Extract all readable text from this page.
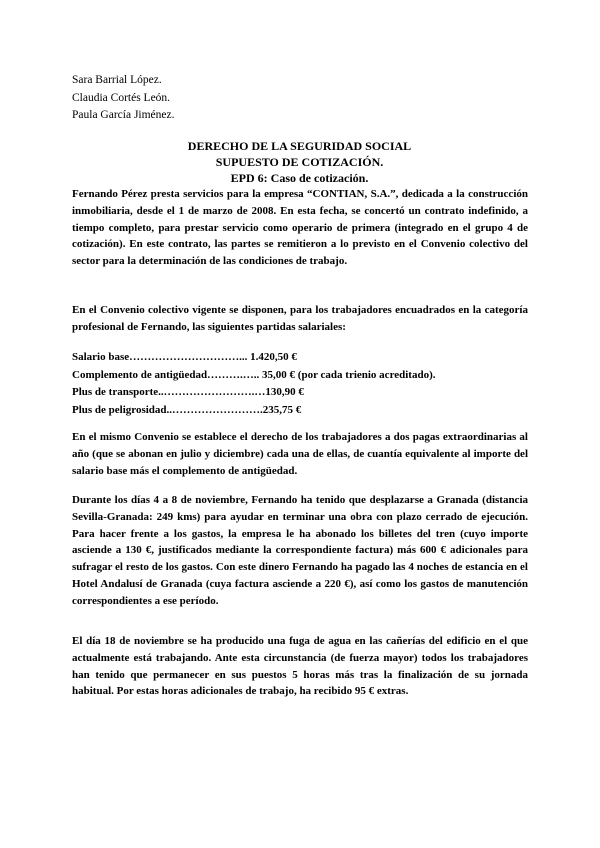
Sara Barrial López.
Claudia Cortés León.
Paula García Jiménez.
DERECHO DE LA SEGURIDAD SOCIAL
SUPUESTO DE COTIZACIÓN.
EPD 6: Caso de cotización.

Fernando Pérez presta servicios para la empresa “CONTIAN, S.A.”, dedicada a la construcción inmobiliaria, desde el 1 de marzo de 2008. En esta fecha, se concertó un contrato indefinido, a tiempo completo, para prestar servicio como operario de primera (integrado en el grupo 4 de cotización). En este contrato, las partes se remitieron a lo previsto en el Convenio colectivo del sector para la determinación de las condiciones de trabajo.

En el Convenio colectivo vigente se disponen, para los trabajadores encuadrados en la categoría profesional de Fernando, las siguientes partidas salariales:

Salario base…………………………... 1.420,50 €
Complemento de antigüedad……….….. 35,00 € (por cada trienio acreditado).
Plus de transporte..…………………….…130,90 €
Plus de peligrosidad..…………………….235,75 €

En el mismo Convenio se establece el derecho de los trabajadores a dos pagas extraordinarias al año (que se abonan en julio y diciembre) cada una de ellas, de cuantía equivalente al importe del salario base más el complemento de antigüedad.

Durante los días 4 a 8 de noviembre, Fernando ha tenido que desplazarse a Granada (distancia Sevilla-Granada: 249 kms) para ayudar en terminar una obra con plazo cerrado de ejecución. Para hacer frente a los gastos, la empresa le ha abonado los billetes del tren (cuyo importe asciende a 130 €, justificados mediante la correspondiente factura) más 600 € adicionales para sufragar el resto de los gastos. Con este dinero Fernando ha pagado las 4 noches de estancia en el Hotel Andalusí de Granada (cuya factura asciende a 220 €), así como los gastos de manutención correspondientes a ese período.

El día 18 de noviembre se ha producido una fuga de agua en las cañerías del edificio en el que actualmente está trabajando. Ante esta circunstancia (de fuerza mayor) todos los trabajadores han tenido que permanecer en sus puestos 5 horas más tras la finalización de su jornada habitual. Por estas horas adicionales de trabajo, ha recibido 95 € extras.
